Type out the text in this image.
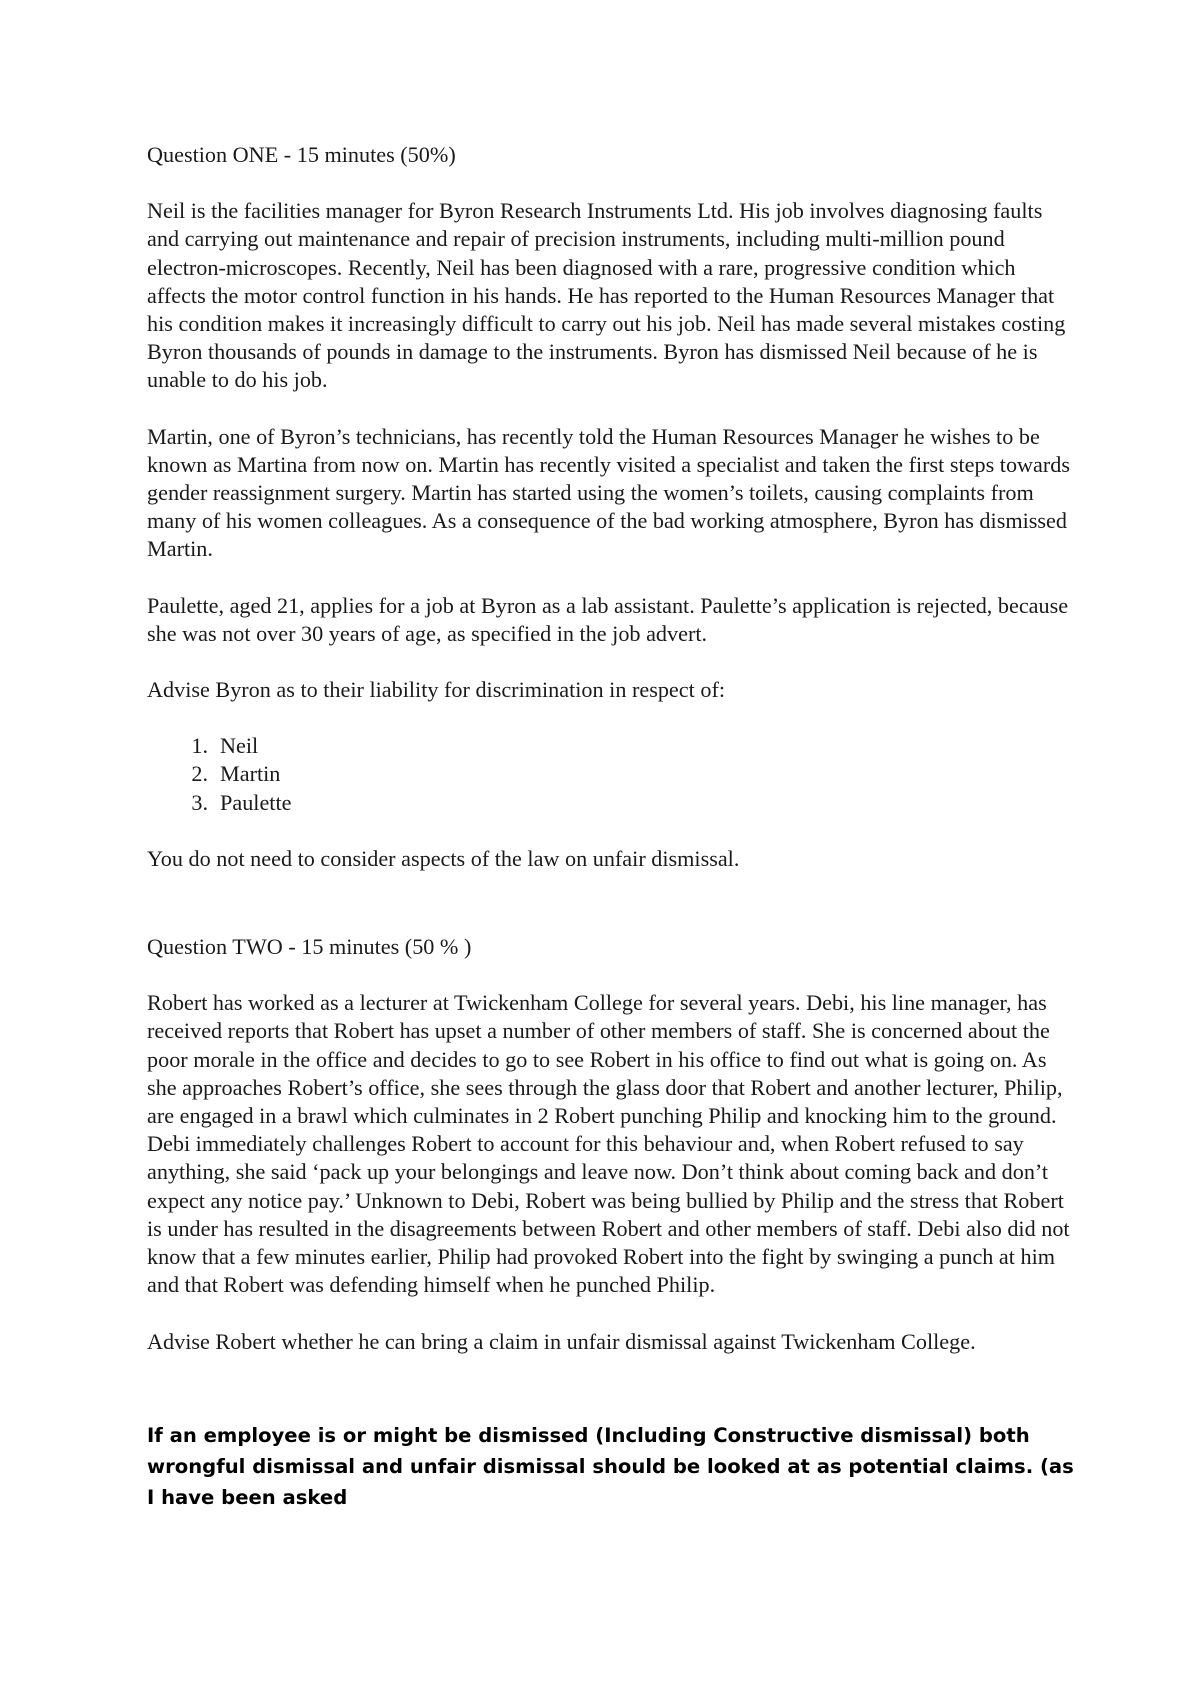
Question ONE - 15 minutes (50%)

Neil is the facilities manager for Byron Research Instruments Ltd. His job involves diagnosing faults and carrying out maintenance and repair of precision instruments, including multi-million pound electron-microscopes. Recently, Neil has been diagnosed with a rare, progressive condition which affects the motor control function in his hands. He has reported to the Human Resources Manager that his condition makes it increasingly difficult to carry out his job. Neil has made several mistakes costing Byron thousands of pounds in damage to the instruments. Byron has dismissed Neil because of he is unable to do his job.

Martin, one of Byron’s technicians, has recently told the Human Resources Manager he wishes to be known as Martina from now on. Martin has recently visited a specialist and taken the first steps towards gender reassignment surgery. Martin has started using the women’s toilets, causing complaints from many of his women colleagues. As a consequence of the bad working atmosphere, Byron has dismissed Martin.

Paulette, aged 21, applies for a job at Byron as a lab assistant. Paulette’s application is rejected, because she was not over 30 years of age, as specified in the job advert.

Advise Byron as to their liability for discrimination in respect of:

1. Neil
2. Martin
3. Paulette

You do not need to consider aspects of the law on unfair dismissal.

Question TWO - 15 minutes (50 % )

Robert has worked as a lecturer at Twickenham College for several years. Debi, his line manager, has received reports that Robert has upset a number of other members of staff. She is concerned about the poor morale in the office and decides to go to see Robert in his office to find out what is going on. As she approaches Robert’s office, she sees through the glass door that Robert and another lecturer, Philip, are engaged in a brawl which culminates in 2 Robert punching Philip and knocking him to the ground. Debi immediately challenges Robert to account for this behaviour and, when Robert refused to say anything, she said ‘pack up your belongings and leave now. Don’t think about coming back and don’t expect any notice pay.’ Unknown to Debi, Robert was being bullied by Philip and the stress that Robert is under has resulted in the disagreements between Robert and other members of staff. Debi also did not know that a few minutes earlier, Philip had provoked Robert into the fight by swinging a punch at him and that Robert was defending himself when he punched Philip.

Advise Robert whether he can bring a claim in unfair dismissal against Twickenham College.

If an employee is or might be dismissed (Including Constructive dismissal) both wrongful dismissal and unfair dismissal should be looked at as potential claims. (as I have been asked
